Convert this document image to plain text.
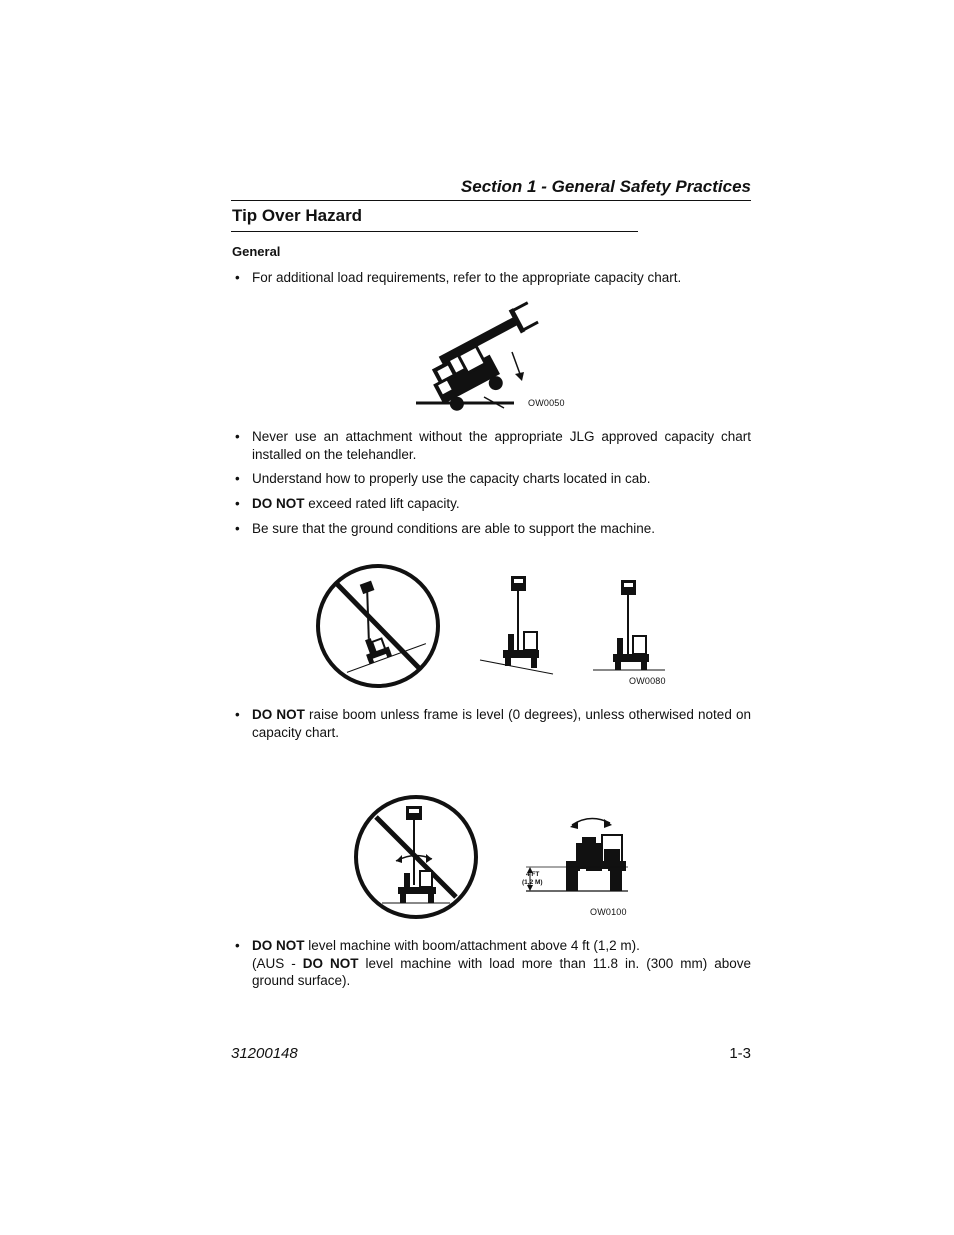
Section 1 - General Safety Practices
Tip Over Hazard
General
• For additional load requirements, refer to the appropriate capacity chart.
OW0050
• Never use an attachment without the appropriate JLG approved capacity chart installed on the telehandler.
• Understand how to properly use the capacity charts located in cab.
• DO NOT exceed rated lift capacity.
• Be sure that the ground conditions are able to support the machine.
OW0080
• DO NOT raise boom unless frame is level (0 degrees), unless otherwised noted on capacity chart.
4 FT
(1,2 M)
OW0100
• DO NOT level machine with boom/attachment above 4 ft (1,2 m).
(AUS - DO NOT level machine with load more than 11.8 in. (300 mm) above ground surface).
31200148	1-3
